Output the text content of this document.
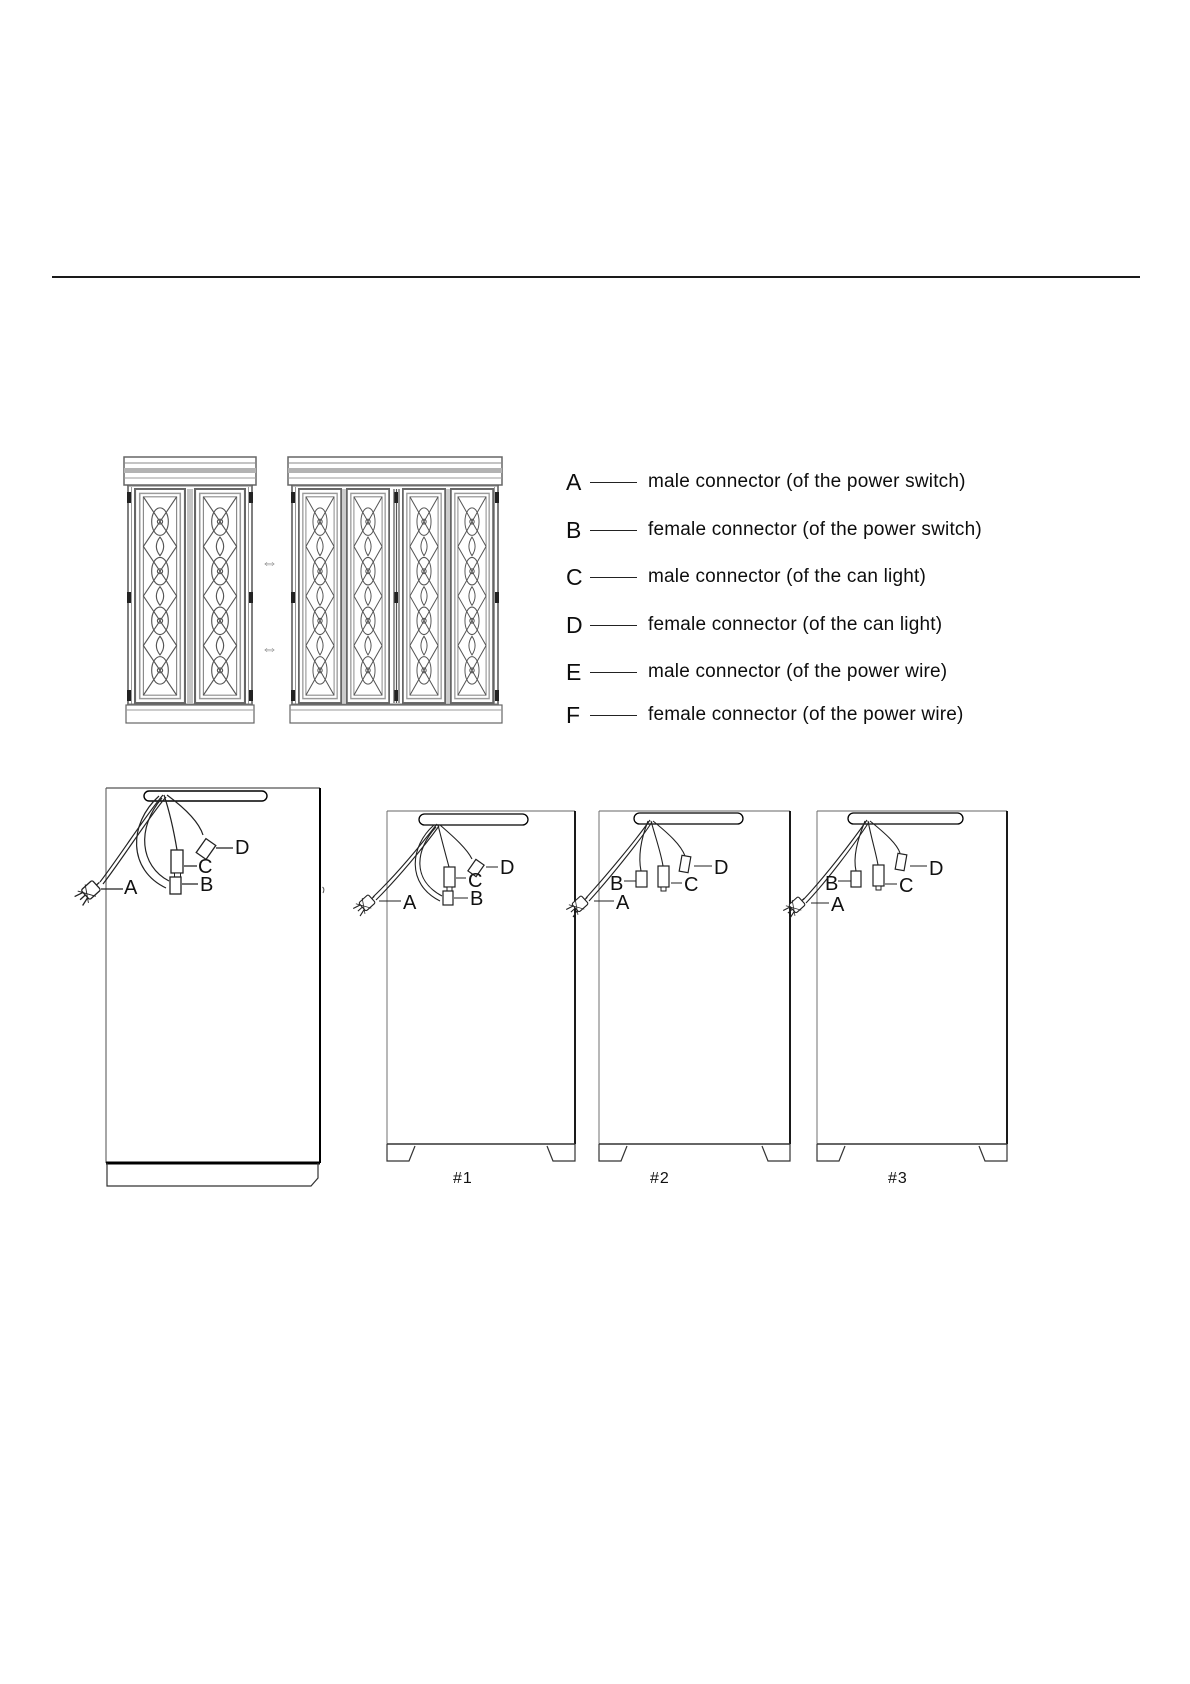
⇔
⇔
A	male connector (of the power switch)
B	female connector (of the power switch)
C	male connector (of the can light)
D	female connector (of the can light)
E	male connector (of the power wire)
F	female connector (of the power wire)
A	B
C
D
A	B
C
D
A
B	C
D
A
B	C
D
#1	#2	#3
